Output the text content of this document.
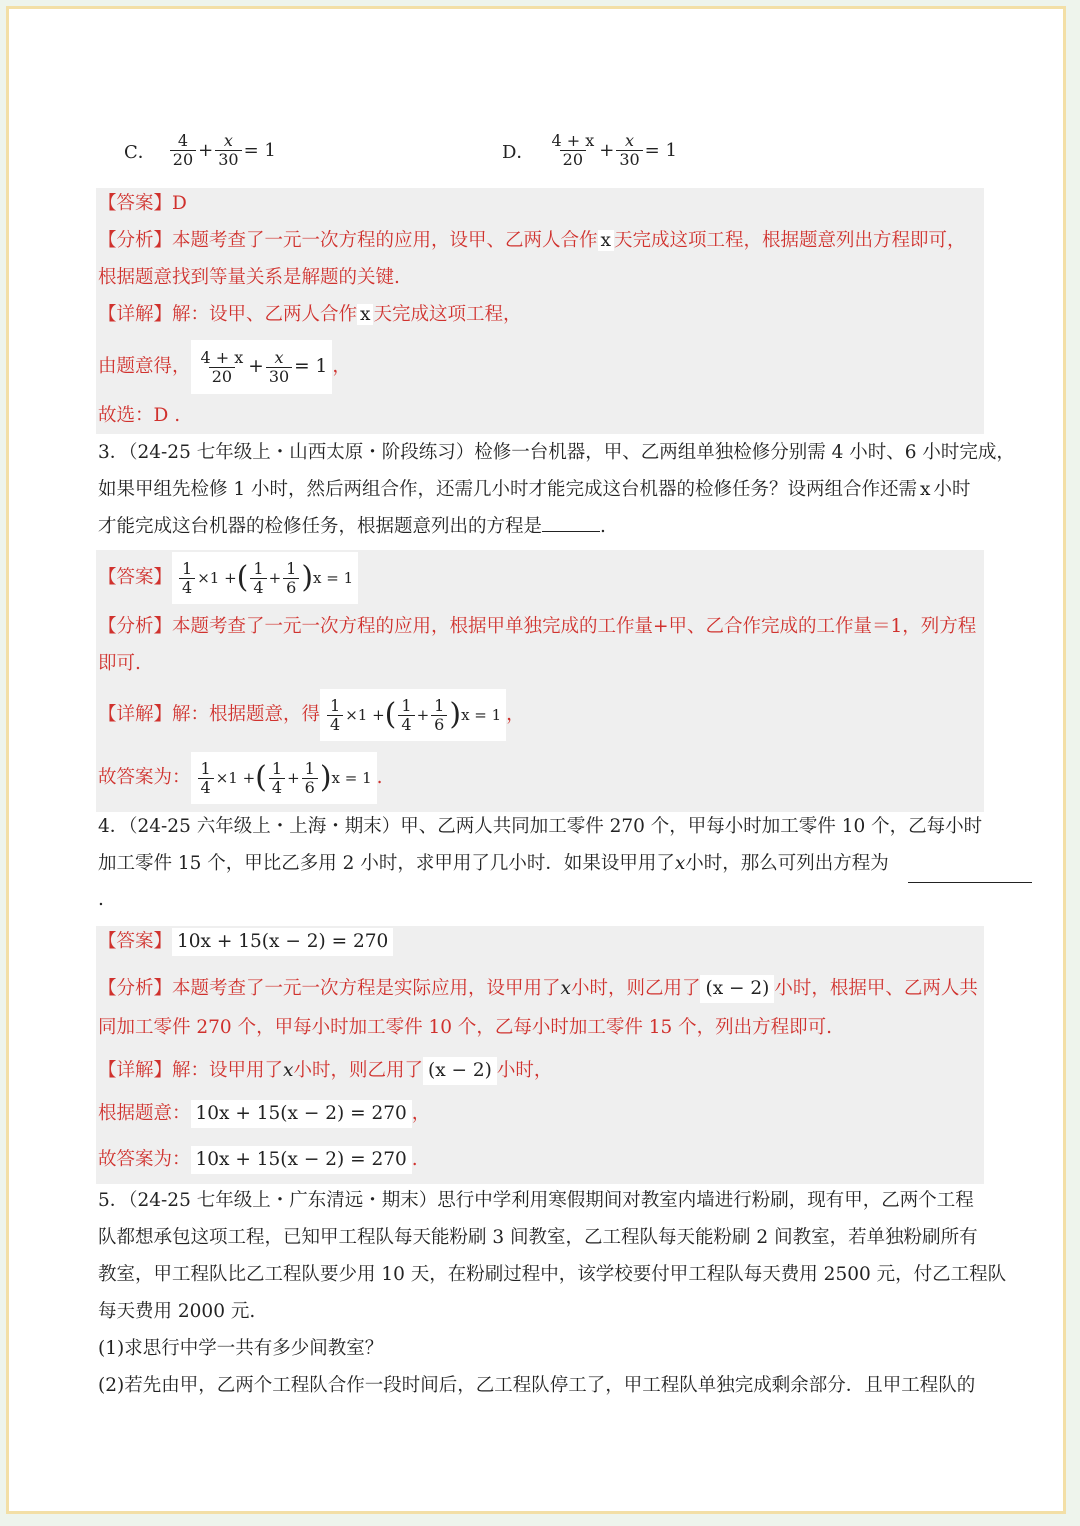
C． $\frac{4}{20} + \frac{x}{30} = 1$	D． $\frac{4 + x}{20} + \frac{x}{30} = 1$
【答案】D
【分析】本题考查了一元一次方程的应用，设甲、乙两人合作 x 天完成这项工程，根据题意列出方程即可，
根据题意找到等量关系是解题的关键.
【详解】解：设甲、乙两人合作 x 天完成这项工程，
由题意得， $\frac{4 + x}{20} + \frac{x}{30} = 1$ ，
故选：D .
3．（24-25 七年级上・山西太原・阶段练习）检修一台机器，甲、乙两组单独检修分别需 4 小时、6 小时完成，
如果甲组先检修 1 小时，然后两组合作，还需几小时才能完成这台机器的检修任务？设两组合作还需 x 小时
才能完成这台机器的检修任务，根据题意列出的方程是	.
【答案】 $\frac{1}{4} \times 1$ + ( $\frac{1}{4} + \frac{1}{6}$ ) x = 1
【分析】本题考查了一元一次方程的应用，根据甲单独完成的工作量+甲、乙合作完成的工作量＝1，列方程
即可.
【详解】解：根据题意，得 $\frac{1}{4} \times 1$ + ( $\frac{1}{4} + \frac{1}{6}$ ) x = 1 ，
故答案为： $\frac{1}{4} \times 1$ + ( $\frac{1}{4} + \frac{1}{6}$ ) x = 1 .
4．（24-25 六年级上・上海・期末）甲、乙两人共同加工零件 270 个，甲每小时加工零件 10 个，乙每小时
加工零件 15 个，甲比乙多用 2 小时，求甲用了几小时．如果设甲用了x小时，那么可列出方程为
.
【答案】 10x + 15(x − 2) = 270
【分析】本题考查了一元一次方程是实际应用，设甲用了x小时，则乙用了 (x − 2) 小时，根据甲、乙两人共
同加工零件 270 个，甲每小时加工零件 10 个，乙每小时加工零件 15 个，列出方程即可.
【详解】解：设甲用了x小时，则乙用了 (x − 2) 小时，
根据题意： 10x + 15(x − 2) = 270 ，
故答案为： 10x + 15(x − 2) = 270 .
5．（24-25 七年级上・广东清远・期末）思行中学利用寒假期间对教室内墙进行粉刷，现有甲，乙两个工程
队都想承包这项工程，已知甲工程队每天能粉刷 3 间教室，乙工程队每天能粉刷 2 间教室，若单独粉刷所有
教室，甲工程队比乙工程队要少用 10 天，在粉刷过程中，该学校要付甲工程队每天费用 2500 元，付乙工程队
每天费用 2000 元.
(1)求思行中学一共有多少间教室？
(2)若先由甲，乙两个工程队合作一段时间后，乙工程队停工了，甲工程队单独完成剩余部分．且甲工程队的
